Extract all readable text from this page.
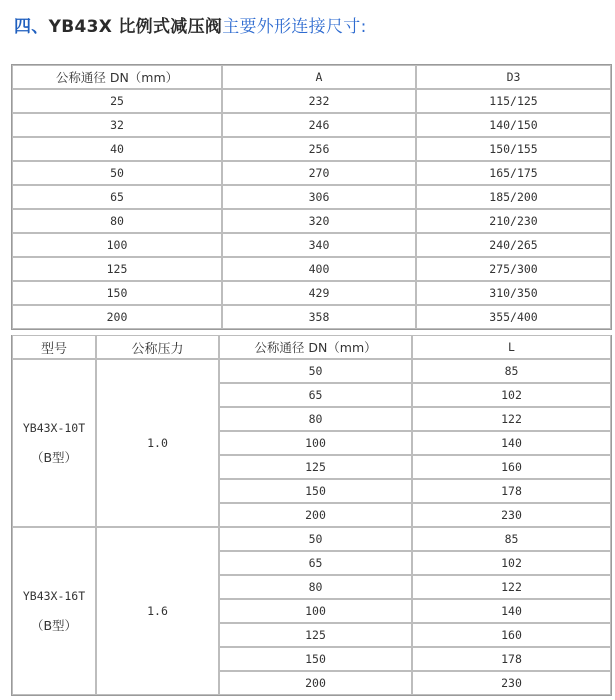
四、YB43X 比例式减压阀主要外形连接尺寸:
公称通径 DN（mm）	A	D3
25	232	115/125
32	246	140/150
40	256	150/155
50	270	165/175
65	306	185/200
80	320	210/230
100	340	240/265
125	400	275/300
150	429	310/350
200	358	355/400
型号	公称压力	公称通径 DN（mm）	L

YB43X-10T
（B型）	1.0	50	85
		65	102
		80	122
		100	140
		125	160
		150	178
		200	230

YB43X-16T
（B型）	1.6	50	85
		65	102
		80	122
		100	140
		125	160
		150	178
		200	230
